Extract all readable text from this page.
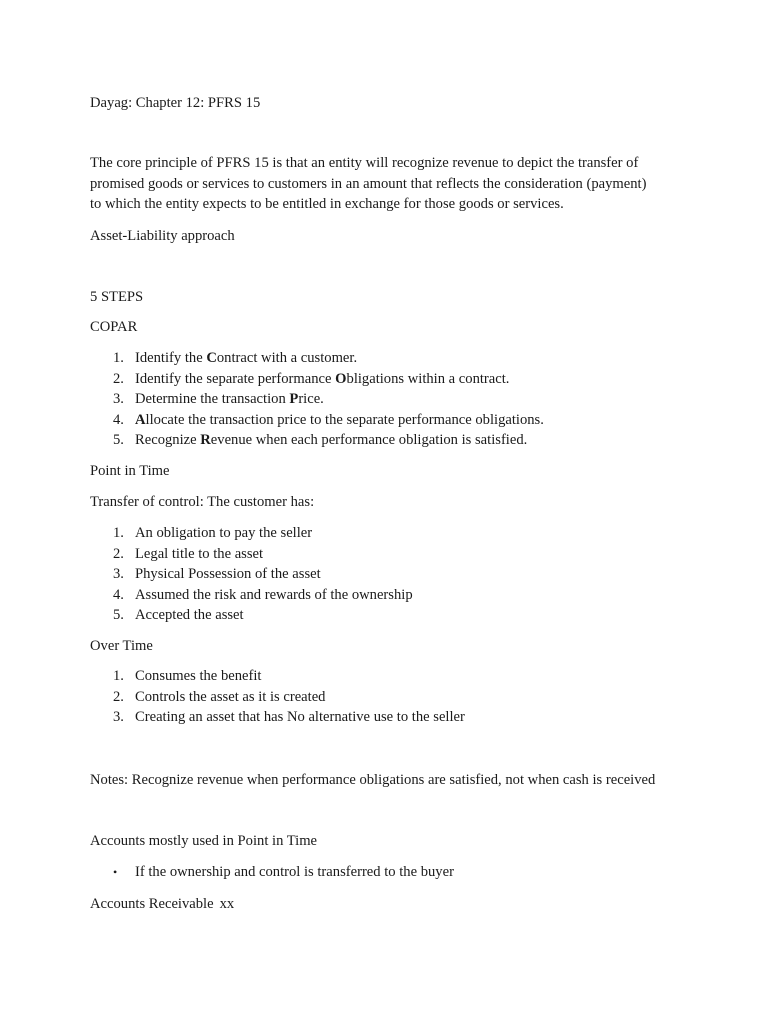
Dayag: Chapter 12: PFRS 15

The core principle of PFRS 15 is that an entity will recognize revenue to depict the transfer of
promised goods or services to customers in an amount that reflects the consideration (payment)
to which the entity expects to be entitled in exchange for those goods or services.

Asset-Liability approach

5 STEPS

COPAR

1. Identify the Contract with a customer.
2. Identify the separate performance Obligations within a contract.
3. Determine the transaction Price.
4. Allocate the transaction price to the separate performance obligations.
5. Recognize Revenue when each performance obligation is satisfied.

Point in Time

Transfer of control: The customer has:

1. An obligation to pay the seller
2. Legal title to the asset
3. Physical Possession of the asset
4. Assumed the risk and rewards of the ownership
5. Accepted the asset

Over Time

1. Consumes the benefit
2. Controls the asset as it is created
3. Creating an asset that has No alternative use to the seller

Notes: Recognize revenue when performance obligations are satisfied, not when cash is received

Accounts mostly used in Point in Time

• If the ownership and control is transferred to the buyer

Accounts Receivable xx
